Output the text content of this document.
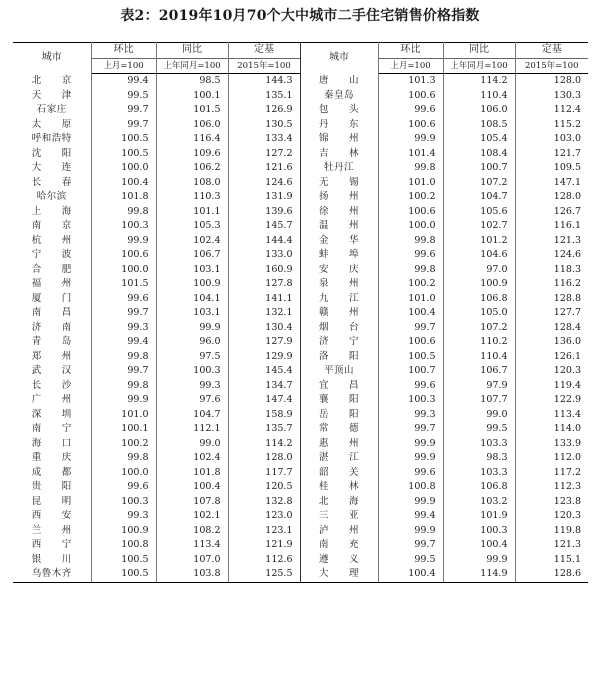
表2：2019年10月70个大中城市二手住宅销售价格指数
城市	环比	同比	定基	城市	环比	同比	定基
	上月=100	上年同月=100	2015年=100		上月=100	上年同月=100	2015年=100
北　　京	99.4	98.5	144.3	唐　　山	101.3	114.2	128.0
天　　津	99.5	100.1	135.1	秦皇岛	100.6	110.4	130.3
石家庄	99.7	101.5	126.9	包　　头	99.6	106.0	112.4
太　　原	99.7	106.0	130.5	丹　　东	100.6	108.5	115.2
呼和浩特	100.5	116.4	133.4	锦　　州	99.9	105.4	103.0
沈　　阳	100.5	109.6	127.2	吉　　林	101.4	108.4	121.7
大　　连	100.0	106.2	121.6	牡丹江	99.8	100.7	109.5
长　　春	100.4	108.0	124.6	无　　锡	101.0	107.2	147.1
哈尔滨	101.8	110.3	131.9	扬　　州	100.2	104.7	128.0
上　　海	99.8	101.1	139.6	徐　　州	100.6	105.6	126.7
南　　京	100.3	105.3	145.7	温　　州	100.0	102.7	116.1
杭　　州	99.9	102.4	144.4	金　　华	99.8	101.2	121.3
宁　　波	100.6	106.7	133.0	蚌　　埠	99.6	104.6	124.6
合　　肥	100.0	103.1	160.9	安　　庆	99.8	97.0	118.3
福　　州	101.5	100.9	127.8	泉　　州	100.2	100.9	116.2
厦　　门	99.6	104.1	141.1	九　　江	101.0	106.8	128.8
南　　昌	99.7	103.1	132.1	赣　　州	100.4	105.0	127.7
济　　南	99.3	99.9	130.4	烟　　台	99.7	107.2	128.4
青　　岛	99.4	96.0	127.9	济　　宁	100.6	110.2	136.0
郑　　州	99.8	97.5	129.9	洛　　阳	100.5	110.4	126.1
武　　汉	99.7	100.3	145.4	平顶山	100.7	106.7	120.3
长　　沙	99.8	99.3	134.7	宜　　昌	99.6	97.9	119.4
广　　州	99.9	97.6	147.4	襄　　阳	100.3	107.7	122.9
深　　圳	101.0	104.7	158.9	岳　　阳	99.3	99.0	113.4
南　　宁	100.1	112.1	135.7	常　　德	99.7	99.5	114.0
海　　口	100.2	99.0	114.2	惠　　州	99.9	103.3	133.9
重　　庆	99.8	102.4	128.0	湛　　江	99.9	98.3	112.0
成　　都	100.0	101.8	117.7	韶　　关	99.6	103.3	117.2
贵　　阳	99.6	100.4	120.5	桂　　林	100.8	106.8	112.3
昆　　明	100.3	107.8	132.8	北　　海	99.9	103.2	123.8
西　　安	99.3	102.1	123.0	三　　亚	99.4	101.9	120.3
兰　　州	100.9	108.2	123.1	泸　　州	99.9	100.3	119.8
西　　宁	100.8	113.4	121.9	南　　充	99.7	100.4	121.3
银　　川	100.5	107.0	112.6	遵　　义	99.5	99.9	115.1
乌鲁木齐	100.5	103.8	125.5	大　　理	100.4	114.9	128.6
